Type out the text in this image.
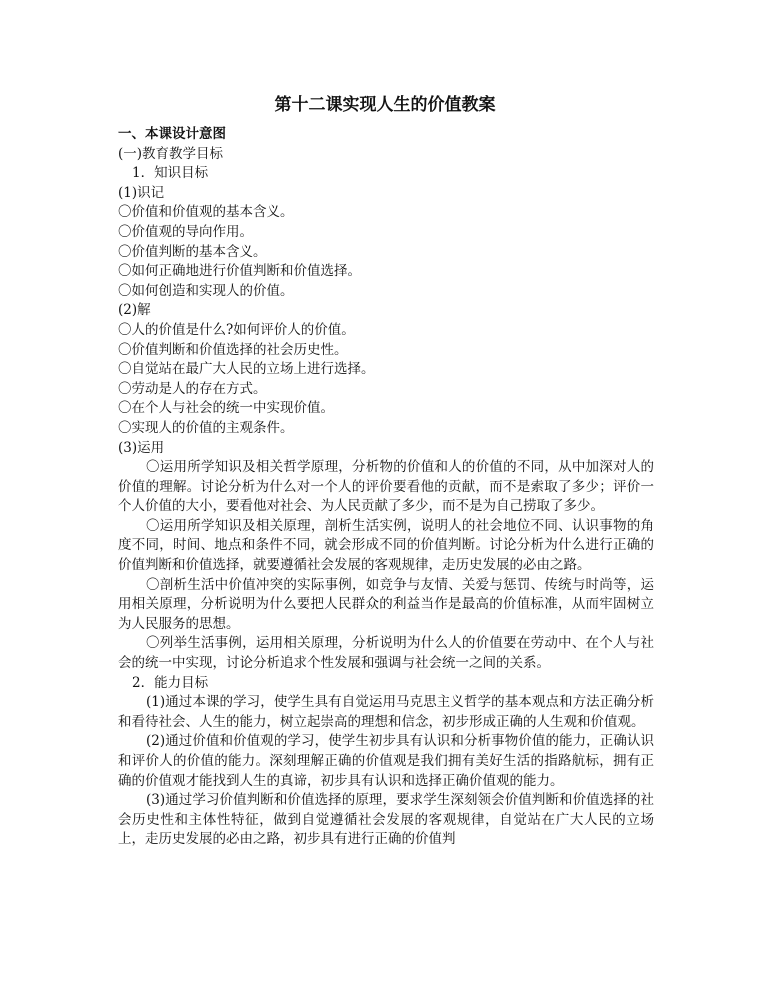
第十二课实现人生的价值教案
一、本课设计意图
(一)教育教学目标
1．知识目标
(1)识记
〇价值和价值观的基本含义。
〇价值观的导向作用。
〇价值判断的基本含义。
〇如何正确地进行价值判断和价值选择。
〇如何创造和实现人的价值。
(2)解
〇人的价值是什么?如何评价人的价值。
〇价值判断和价值选择的社会历史性。
〇自觉站在最广大人民的立场上进行选择。
〇劳动是人的存在方式。
〇在个人与社会的统一中实现价值。
〇实现人的价值的主观条件。
(3)运用

〇运用所学知识及相关哲学原理，分析物的价值和人的价值的不同，从中加深对人的价值的理解。讨论分析为什么对一个人的评价要看他的贡献，而不是索取了多少；评价一个人价值的大小，要看他对社会、为人民贡献了多少，而不是为自己捞取了多少。

〇运用所学知识及相关原理，剖析生活实例，说明人的社会地位不同、认识事物的角度不同，时间、地点和条件不同，就会形成不同的价值判断。讨论分析为什么进行正确的价值判断和价值选择，就要遵循社会发展的客观规律，走历史发展的必由之路。

〇剖析生活中价值冲突的实际事例，如竞争与友情、关爱与惩罚、传统与时尚等，运用相关原理，分析说明为什么要把人民群众的利益当作是最高的价值标准，从而牢固树立为人民服务的思想。

〇列举生活事例，运用相关原理，分析说明为什么人的价值要在劳动中、在个人与社会的统一中实现，讨论分析追求个性发展和强调与社会统一之间的关系。

2．能力目标

(1)通过本课的学习，使学生具有自觉运用马克思主义哲学的基本观点和方法正确分析和看待社会、人生的能力，树立起崇高的理想和信念，初步形成正确的人生观和价值观。

(2)通过价值和价值观的学习，使学生初步具有认识和分析事物价值的能力，正确认识和评价人的价值的能力。深刻理解正确的价值观是我们拥有美好生活的指路航标，拥有正确的价值观才能找到人生的真谛，初步具有认识和选择正确价值观的能力。

(3)通过学习价值判断和价值选择的原理，要求学生深刻领会价值判断和价值选择的社会历史性和主体性特征，做到自觉遵循社会发展的客观规律，自觉站在广大人民的立场上，走历史发展的必由之路，初步具有进行正确的价值判
